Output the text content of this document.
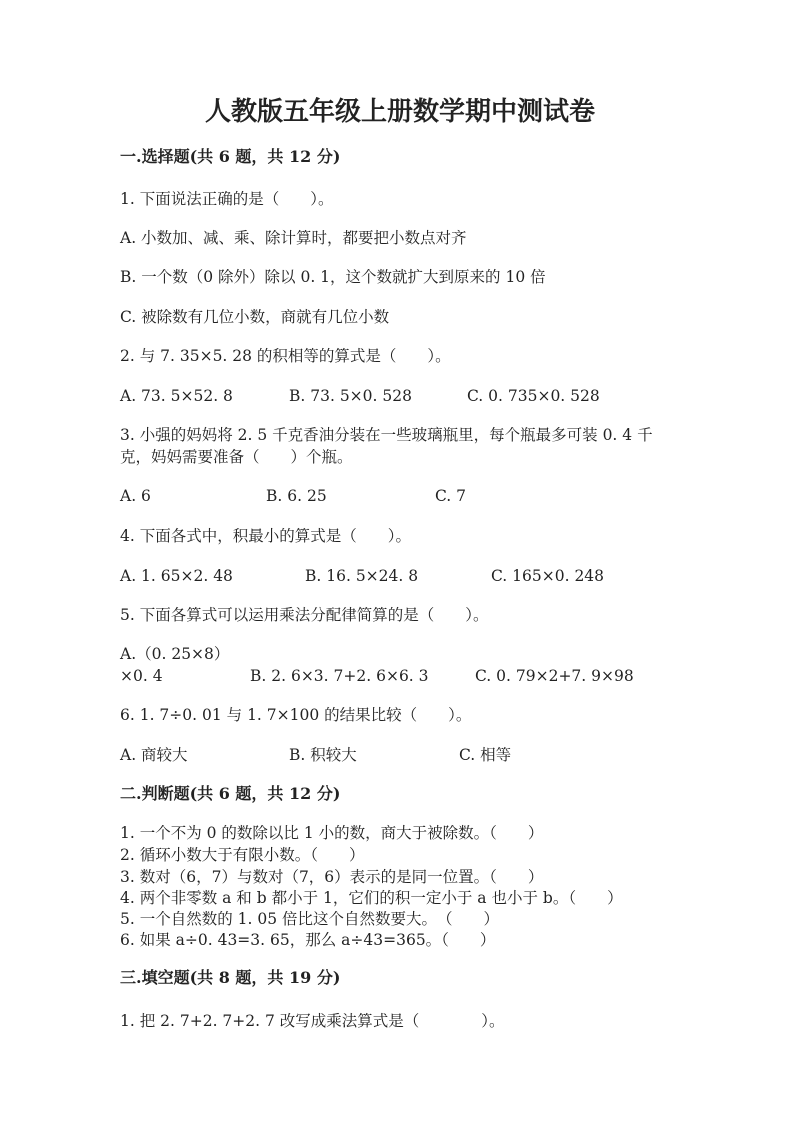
人教版五年级上册数学期中测试卷
一.选择题(共 6 题，共 12 分)
1. 下面说法正确的是（　　）。
A. 小数加、减、乘、除计算时，都要把小数点对齐
B. 一个数（0 除外）除以 0. 1，这个数就扩大到原来的 10 倍
C. 被除数有几位小数，商就有几位小数
2. 与 7. 35×5. 28 的积相等的算式是（　　）。
A. 73. 5×52. 8	B. 73. 5×0. 528	C. 0. 735×0. 528
3. 小强的妈妈将 2. 5 千克香油分装在一些玻璃瓶里，每个瓶最多可装 0. 4 千
克，妈妈需要准备（　　）个瓶。
A. 6	B. 6. 25	C. 7
4. 下面各式中，积最小的算式是（　　）。
A. 1. 65×2. 48	B. 16. 5×24. 8	C. 165×0. 248
5. 下面各算式可以运用乘法分配律简算的是（　　）。
A.（0. 25×8）
×0. 4	B. 2. 6×3. 7+2. 6×6. 3	C. 0. 79×2+7. 9×98
6. 1. 7÷0. 01 与 1. 7×100 的结果比较（　　）。
A. 商较大	B. 积较大	C. 相等
二.判断题(共 6 题，共 12 分)
1. 一个不为 0 的数除以比 1 小的数，商大于被除数。（　　）
2. 循环小数大于有限小数。（　　）
3. 数对（6，7）与数对（7，6）表示的是同一位置。（　　）
4. 两个非零数 a 和 b 都小于 1，它们的积一定小于 a 也小于 b。（　　）
5. 一个自然数的 1. 05 倍比这个自然数要大。　（　　）
6. 如果 a÷0. 43=3. 65，那么 a÷43=365。（　　）
三.填空题(共 8 题，共 19 分)
1. 把 2. 7+2. 7+2. 7 改写成乘法算式是（　　　　）。
